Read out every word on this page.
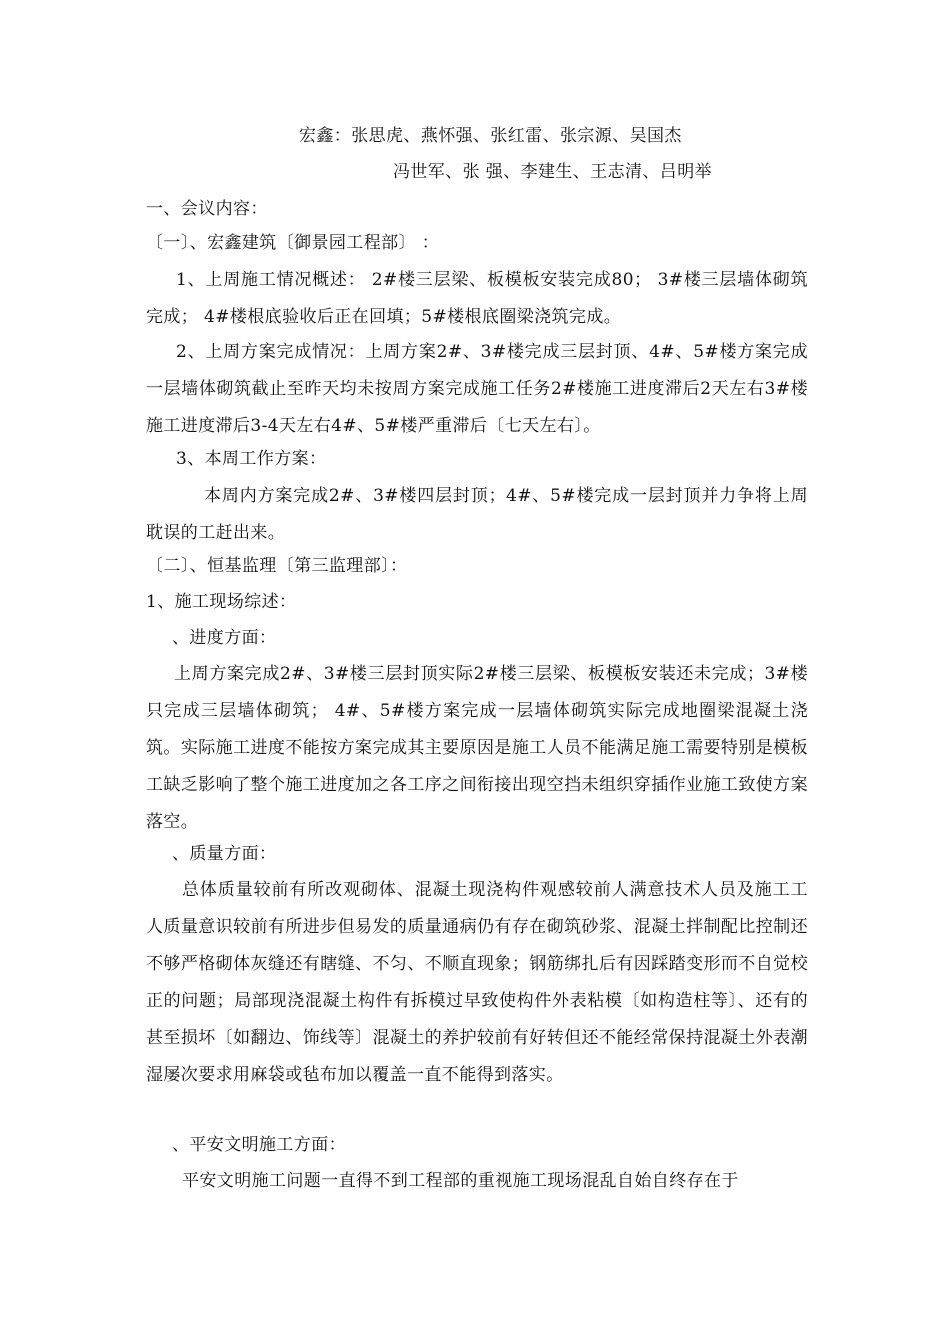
宏鑫：张思虎、燕怀强、张红雷、张宗源、吴国杰
冯世军、张 强、李建生、王志清、吕明举
一、会议内容：
〔一〕、宏鑫建筑〔御景园工程部〕 ：
1、上周施工情况概述： 2#楼三层梁、板模板安装完成80； 3#楼三层墙体砌筑完成； 4#楼根底验收后正在回填；5#楼根底圈梁浇筑完成。
2、上周方案完成情况：上周方案2#、3#楼完成三层封顶、4#、5#楼方案完成一层墙体砌筑截止至昨天均未按周方案完成施工任务2#楼施工进度滞后2天左右3#楼施工进度滞后3-4天左右4#、5#楼严重滞后〔七天左右〕。
3、本周工作方案：
本周内方案完成2#、3#楼四层封顶；4#、5#楼完成一层封顶并力争将上周耽误的工赶出来。
〔二〕、恒基监理〔第三监理部〕：
1、施工现场综述：
、进度方面：
上周方案完成2#、3#楼三层封顶实际2#楼三层梁、板模板安装还未完成；3#楼只完成三层墙体砌筑； 4#、5#楼方案完成一层墙体砌筑实际完成地圈梁混凝土浇筑。实际施工进度不能按方案完成其主要原因是施工人员不能满足施工需要特别是模板工缺乏影响了整个施工进度加之各工序之间衔接出现空挡未组织穿插作业施工致使方案落空。
、质量方面：
总体质量较前有所改观砌体、混凝土现浇构件观感较前人满意技术人员及施工工人质量意识较前有所进步但易发的质量通病仍有存在砌筑砂浆、混凝土拌制配比控制还不够严格砌体灰缝还有瞎缝、不匀、不顺直现象；钢筋绑扎后有因踩踏变形而不自觉校正的问题；局部现浇混凝土构件有拆模过早致使构件外表粘模〔如构造柱等〕、还有的甚至损坏〔如翻边、饰线等〕混凝土的养护较前有好转但还不能经常保持混凝土外表潮湿屡次要求用麻袋或毡布加以覆盖一直不能得到落实。
、平安文明施工方面：
平安文明施工问题一直得不到工程部的重视施工现场混乱自始自终存在于
